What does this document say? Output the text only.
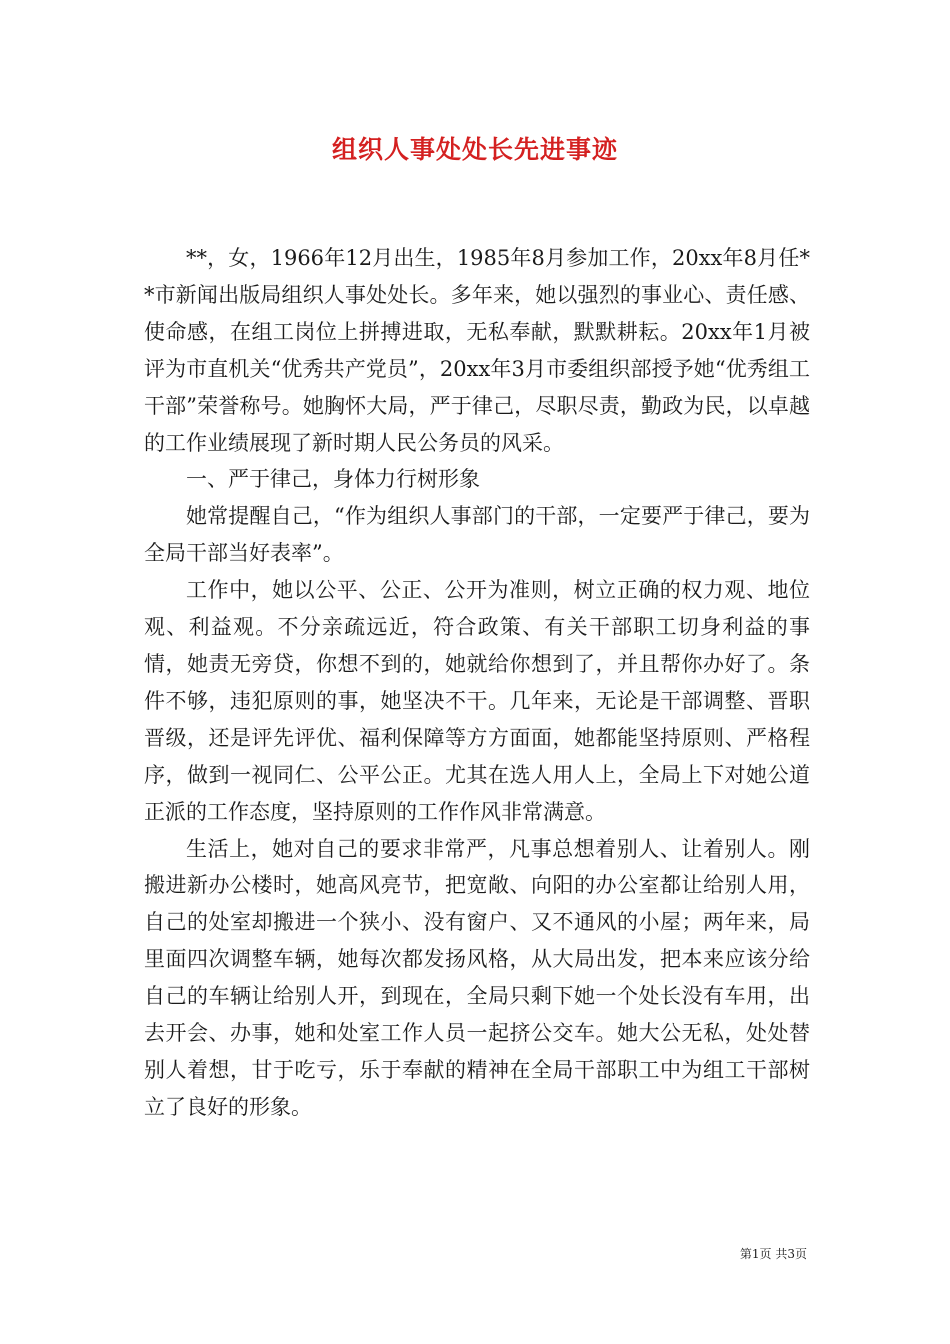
组织人事处处长先进事迹

**，女，1966年12月出生，1985年8月参加工作，20xx年8月任**市新闻出版局组织人事处处长。多年来，她以强烈的事业心、责任感、使命感，在组工岗位上拼搏进取，无私奉献，默默耕耘。20xx年1月被评为市直机关“优秀共产党员”，20xx年3月市委组织部授予她“优秀组工干部”荣誉称号。她胸怀大局，严于律己，尽职尽责，勤政为民，以卓越的工作业绩展现了新时期人民公务员的风采。

一、严于律己，身体力行树形象

她常提醒自己，“作为组织人事部门的干部，一定要严于律己，要为全局干部当好表率”。

工作中，她以公平、公正、公开为准则，树立正确的权力观、地位观、利益观。不分亲疏远近，符合政策、有关干部职工切身利益的事情，她责无旁贷，你想不到的，她就给你想到了，并且帮你办好了。条件不够，违犯原则的事，她坚决不干。几年来，无论是干部调整、晋职晋级，还是评先评优、福利保障等方方面面，她都能坚持原则、严格程序，做到一视同仁、公平公正。尤其在选人用人上，全局上下对她公道正派的工作态度，坚持原则的工作作风非常满意。

生活上，她对自己的要求非常严，凡事总想着别人、让着别人。刚搬进新办公楼时，她高风亮节，把宽敞、向阳的办公室都让给别人用，自己的处室却搬进一个狭小、没有窗户、又不通风的小屋；两年来，局里面四次调整车辆，她每次都发扬风格，从大局出发，把本来应该分给自己的车辆让给别人开，到现在，全局只剩下她一个处长没有车用，出去开会、办事，她和处室工作人员一起挤公交车。她大公无私，处处替别人着想，甘于吃亏，乐于奉献的精神在全局干部职工中为组工干部树立了良好的形象。

第1页 共3页
